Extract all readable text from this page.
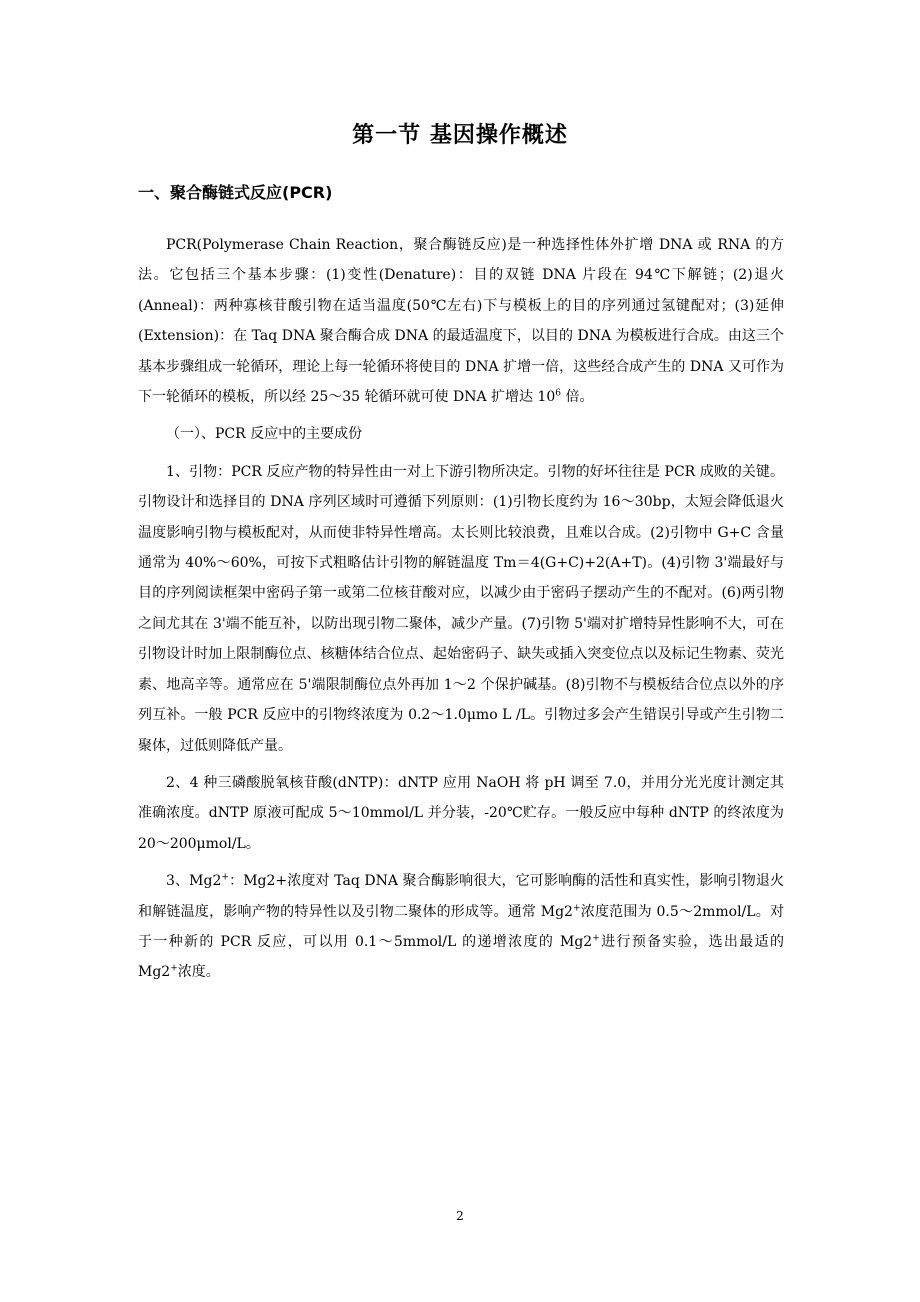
第一节 基因操作概述
一、聚合酶链式反应(PCR)

PCR(Polymerase Chain Reaction，聚合酶链反应)是一种选择性体外扩增 DNA 或 RNA 的方法。它包括三个基本步骤：(1)变性(Denature)：目的双链 DNA 片段在 94℃下解链；(2)退火(Anneal)：两种寡核苷酸引物在适当温度(50℃左右)下与模板上的目的序列通过氢键配对；(3)延伸(Extension)：在 Taq DNA 聚合酶合成 DNA 的最适温度下，以目的 DNA 为模板进行合成。由这三个基本步骤组成一轮循环，理论上每一轮循环将使目的 DNA 扩增一倍，这些经合成产生的 DNA 又可作为下一轮循环的模板，所以经 25～35 轮循环就可使 DNA 扩增达 $10^6$ 倍。

（一）、PCR 反应中的主要成份

1、引物：PCR 反应产物的特异性由一对上下游引物所决定。引物的好坏往往是 PCR 成败的关键。引物设计和选择目的 DNA 序列区域时可遵循下列原则：(1)引物长度约为 16～30bp，太短会降低退火温度影响引物与模板配对，从而使非特异性增高。太长则比较浪费，且难以合成。(2)引物中 G+C 含量通常为 40%～60%，可按下式粗略估计引物的解链温度 Tm＝4(G+C)+2(A+T)。(4)引物 3'端最好与目的序列阅读框架中密码子第一或第二位核苷酸对应，以减少由于密码子摆动产生的不配对。(6)两引物之间尤其在 3'端不能互补，以防出现引物二聚体，减少产量。(7)引物 5'端对扩增特异性影响不大，可在引物设计时加上限制酶位点、核糖体结合位点、起始密码子、缺失或插入突变位点以及标记生物素、荧光素、地高辛等。通常应在 5'端限制酶位点外再加 1～2 个保护碱基。(8)引物不与模板结合位点以外的序列互补。一般 PCR 反应中的引物终浓度为 0.2～1.0μmo L /L。引物过多会产生错误引导或产生引物二聚体，过低则降低产量。

2、4 种三磷酸脱氧核苷酸(dNTP)：dNTP 应用 NaOH 将 pH 调至 7.0，并用分光光度计测定其准确浓度。dNTP 原液可配成 5～10mmol/L 并分装，-20℃贮存。一般反应中每种 dNTP 的终浓度为 20～200μmol/L。

3、Mg2+：Mg2+浓度对 Taq DNA 聚合酶影响很大，它可影响酶的活性和真实性，影响引物退火和解链温度，影响产物的特异性以及引物二聚体的形成等。通常 Mg2+浓度范围为 0.5～2mmol/L。对于一种新的 PCR 反应，可以用 0.1～5mmol/L 的递增浓度的 Mg2+进行预备实验，选出最适的 Mg2+浓度。

2
